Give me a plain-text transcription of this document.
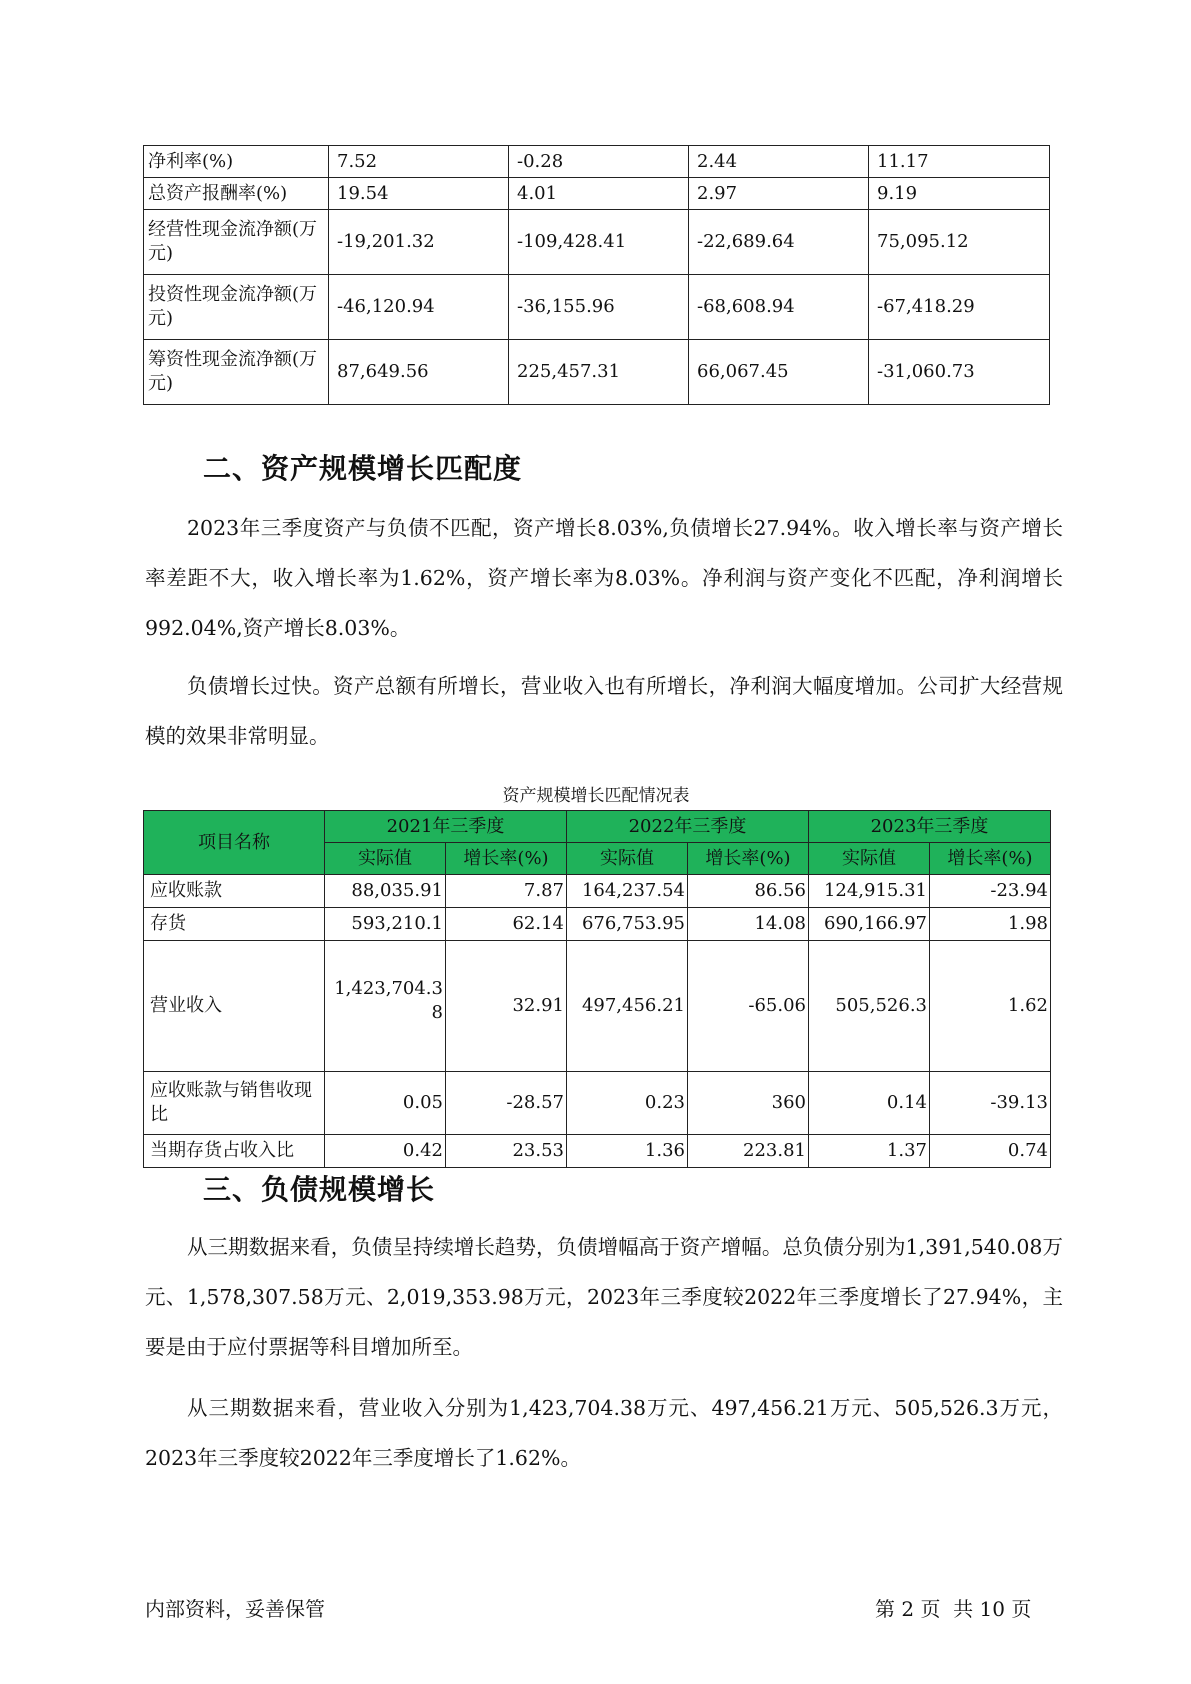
净利率(%)	7.52	-0.28	2.44	11.17
总资产报酬率(%)	19.54	4.01	2.97	9.19
经营性现金流净额(万元)	-19,201.32	-109,428.41	-22,689.64	75,095.12
投资性现金流净额(万元)	-46,120.94	-36,155.96	-68,608.94	-67,418.29
筹资性现金流净额(万元)	87,649.56	225,457.31	66,067.45	-31,060.73
二、资产规模增长匹配度

2023年三季度资产与负债不匹配，资产增长8.03%,负债增长27.94%。收入增长率与资产增长率差距不大，收入增长率为1.62%，资产增长率为8.03%。净利润与资产变化不匹配，净利润增长992.04%,资产增长8.03%。

负债增长过快。资产总额有所增长，营业收入也有所增长，净利润大幅度增加。公司扩大经营规模的效果非常明显。

资产规模增长匹配情况表
项目名称	2021年三季度		2022年三季度		2023年三季度	
	实际值	增长率(%)	实际值	增长率(%)	实际值	增长率(%)
应收账款	88,035.91	7.87	164,237.54	86.56	124,915.31	-23.94
存货	593,210.1	62.14	676,753.95	14.08	690,166.97	1.98
营业收入	1,423,704.38	32.91	497,456.21	-65.06	505,526.3	1.62
应收账款与销售收现比	0.05	-28.57	0.23	360	0.14	-39.13
当期存货占收入比	0.42	23.53	1.36	223.81	1.37	0.74
三、负债规模增长

从三期数据来看，负债呈持续增长趋势，负债增幅高于资产增幅。总负债分别为1,391,540.08万元、1,578,307.58万元、2,019,353.98万元，2023年三季度较2022年三季度增长了27.94%，主要是由于应付票据等科目增加所至。

从三期数据来看，营业收入分别为1,423,704.38万元、497,456.21万元、505,526.3万元，2023年三季度较2022年三季度增长了1.62%。

内部资料，妥善保管	第 2 页  共 10 页
